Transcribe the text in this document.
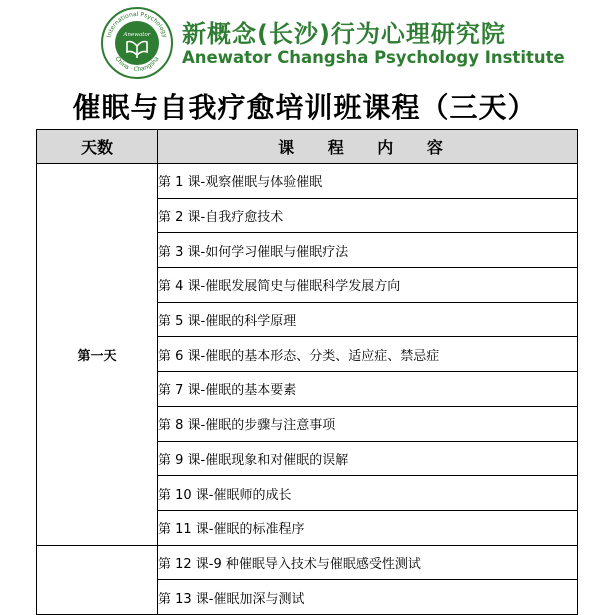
International Psychology
China · Changsha
Anewator 新概念(长沙)行为心理研究院
Anewator Changsha Psychology Institute
催眠与自我疗愈培训班课程（三天）
天数	课 程 内 容
第一天	第 1 课-观察催眠与体验催眠
	第 2 课-自我疗愈技术
	第 3 课-如何学习催眠与催眠疗法
	第 4 课-催眠发展简史与催眠科学发展方向
	第 5 课-催眠的科学原理
	第 6 课-催眠的基本形态、分类、适应症、禁忌症
	第 7 课-催眠的基本要素
	第 8 课-催眠的步骤与注意事项
	第 9 课-催眠现象和对催眠的误解
	第 10 课-催眠师的成长
	第 11 课-催眠的标准程序
	第 12 课-9 种催眠导入技术与催眠感受性测试
	第 13 课-催眠加深与测试
